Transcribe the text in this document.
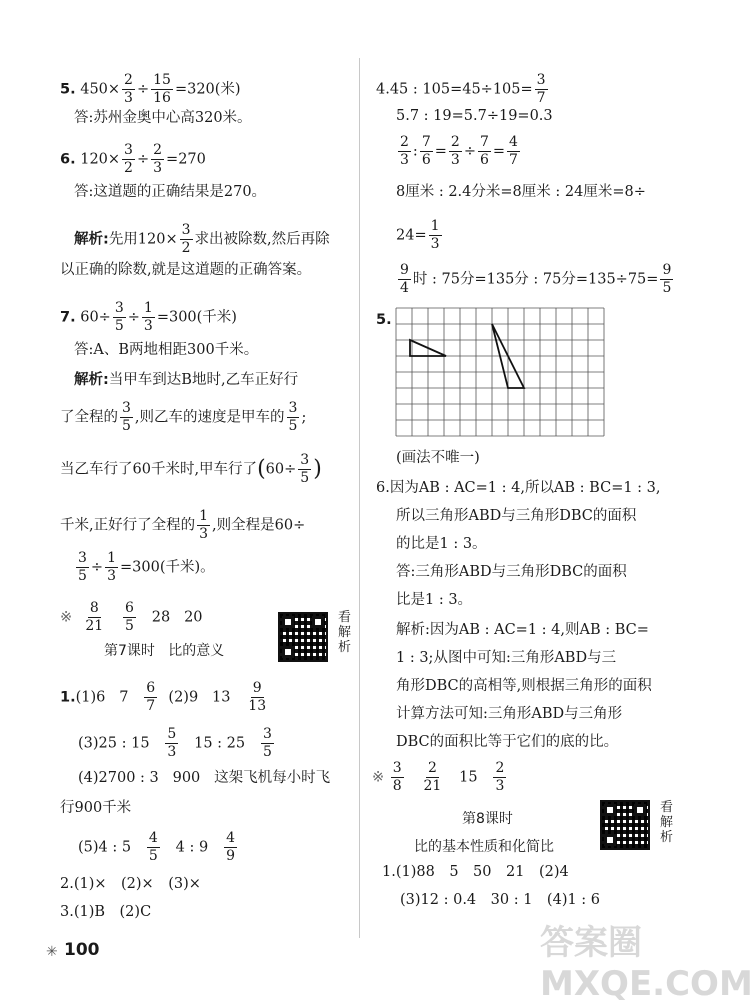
5. $450\times \frac{2}{3} \div \frac{15}{16} =320$(米)
答:苏州金奥中心高320米。
6. $120\times \frac{3}{2} \div \frac{2}{3} =270$
答:这道题的正确结果是270。
解析:先用$120\times \frac{3}{2}$ 求出被除数,然后再除
以正确的除数,就是这道题的正确答案。
7. $60\div \frac{3}{5} \div \frac{1}{3} =300$(千米)
答:A、B两地相距300千米。
解析:当甲车到达B地时,乙车正好行
了全程的 $\frac{3}{5}$ ,则乙车的速度是甲车的 $\frac{3}{5}$ ;
当乙车行了60千米时,甲车行了($60\div \frac{3}{5}$ )
千米,正好行了全程的 $\frac{1}{3}$ ,则全程是60÷
$\frac{3}{5} \div \frac{1}{3} =300$(千米)。
※ $\frac{8}{21}$
$\frac{6}{5} 28$ 20
第7课时 比的意义
看解析
1.(1)6 $7 \frac{6}{7} (2)9$ $13 \frac{9}{13}$
(3)25 : $15 \frac{5}{3} 15$ : $25 \frac{3}{5}$
(4)2700 : 3 900 这架飞机每小时飞
行900千米
(5)4 : $5 \frac{4}{5} 4$ : $9 \frac{4}{9}$
2.(1)×　(2)×　(3)×
3.(1)B　(2)C
4.45 : $105=45\div 105= \frac{3}{7}$
5.7 : 19=5.7÷19=0.3
$\frac{2}{3}$ : $\frac{7}{6} = \frac{2}{3} \div \frac{7}{6} = \frac{4}{7}$
8厘米 : 2.4分米=8厘米 : 24厘米=8÷
$24= \frac{1}{3}$
$\frac{9}{4}$ 时 : 75分=135分 : 75分$=135\div 75= \frac{9}{5}$
5.
(画法不唯一)
6.因为AB : AC=1 : 4,所以AB : BC=1 : 3,
所以三角形ABD与三角形DBC的面积
的比是1 : 3。
答:三角形ABD与三角形DBC的面积
比是1 : 3。
解析:因为AB : AC=1 : 4,则AB : BC=
1 : 3;从图中可知:三角形ABD与三
角形DBC的高相等,则根据三角形的面积
计算方法可知:三角形ABD与三角形
DBC的面积比等于它们的底的比。
※ $\frac{3}{8}$
$\frac{2}{21} 15 \frac{2}{3}$
第8课时
比的基本性质和化简比
看解析
1.(1)88　5　50　21　(2)4
(3)12 : 0.4　30 : 1　(4)1 : 6
✳ 100	答案圈 MXQE.COM
